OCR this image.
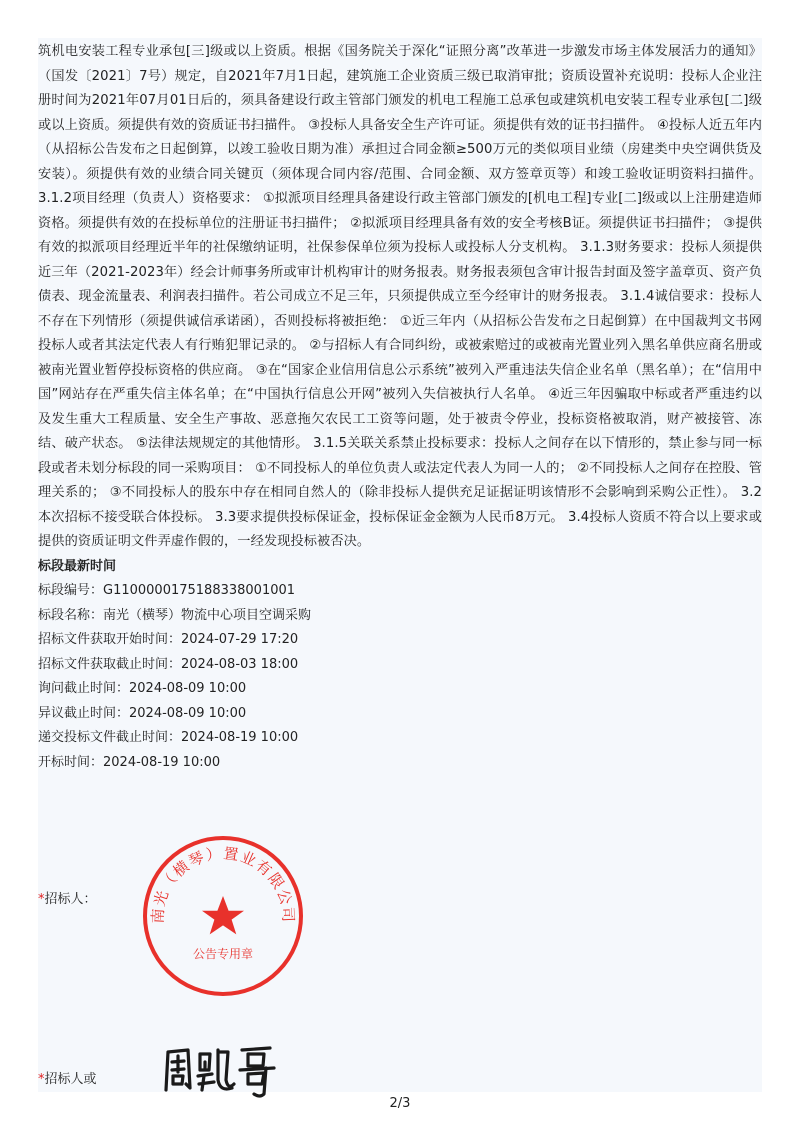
筑机电安装工程专业承包[三]级或以上资质。根据《国务院关于深化“证照分离”改革进一步激发市场主体发展活力的通知》（国发〔2021〕7号）规定，自2021年7月1日起，建筑施工企业资质三级已取消审批；资质设置补充说明：投标人企业注册时间为2021年07月01日后的，须具备建设行政主管部门颁发的机电工程施工总承包或建筑机电安装工程专业承包[二]级或以上资质。须提供有效的资质证书扫描件。 ③投标人具备安全生产许可证。须提供有效的证书扫描件。 ④投标人近五年内（从招标公告发布之日起倒算，以竣工验收日期为准）承担过合同金额≥500万元的类似项目业绩（房建类中央空调供货及安装）。须提供有效的业绩合同关键页（须体现合同内容/范围、合同金额、双方签章页等）和竣工验收证明资料扫描件。 3.1.2项目经理（负责人）资格要求： ①拟派项目经理具备建设行政主管部门颁发的[机电工程]专业[二]级或以上注册建造师资格。须提供有效的在投标单位的注册证书扫描件； ②拟派项目经理具备有效的安全考核B证。须提供证书扫描件； ③提供有效的拟派项目经理近半年的社保缴纳证明，社保参保单位须为投标人或投标人分支机构。 3.1.3财务要求：投标人须提供近三年（2021-2023年）经会计师事务所或审计机构审计的财务报表。财务报表须包含审计报告封面及签字盖章页、资产负债表、现金流量表、利润表扫描件。若公司成立不足三年，只须提供成立至今经审计的财务报表。 3.1.4诚信要求：投标人不存在下列情形（须提供诚信承诺函），否则投标将被拒绝： ①近三年内（从招标公告发布之日起倒算）在中国裁判文书网投标人或者其法定代表人有行贿犯罪记录的。 ②与招标人有合同纠纷，或被索赔过的或被南光置业列入黑名单供应商名册或被南光置业暂停投标资格的供应商。 ③在“国家企业信用信息公示系统”被列入严重违法失信企业名单（黑名单）；在“信用中国”网站存在严重失信主体名单；在“中国执行信息公开网”被列入失信被执行人名单。 ④近三年因骗取中标或者严重违约以及发生重大工程质量、安全生产事故、恶意拖欠农民工工资等问题，处于被责令停业，投标资格被取消，财产被接管、冻结、破产状态。 ⑤法律法规规定的其他情形。 3.1.5关联关系禁止投标要求：投标人之间存在以下情形的，禁止参与同一标段或者未划分标段的同一采购项目： ①不同投标人的单位负责人或法定代表人为同一人的； ②不同投标人之间存在控股、管理关系的； ③不同投标人的股东中存在相同自然人的（除非投标人提供充足证据证明该情形不会影响到采购公正性）。 3.2本次招标不接受联合体投标。 3.3要求提供投标保证金，投标保证金金额为人民币8万元。 3.4投标人资质不符合以上要求或提供的资质证明文件弄虚作假的，一经发现投标被否决。

标段最新时间
标段编号：G1100000175188338001001
标段名称：南光（横琴）物流中心项目空调采购
招标文件获取开始时间：2024-07-29 17:20
招标文件获取截止时间：2024-08-03 18:00
询问截止时间：2024-08-09 10:00
异议截止时间：2024-08-09 10:00
递交投标文件截止时间：2024-08-19 10:00
开标时间：2024-08-19 10:00
*招标人：
南光（横琴）置业有限公司
公告专用章
*招标人或
2/3
